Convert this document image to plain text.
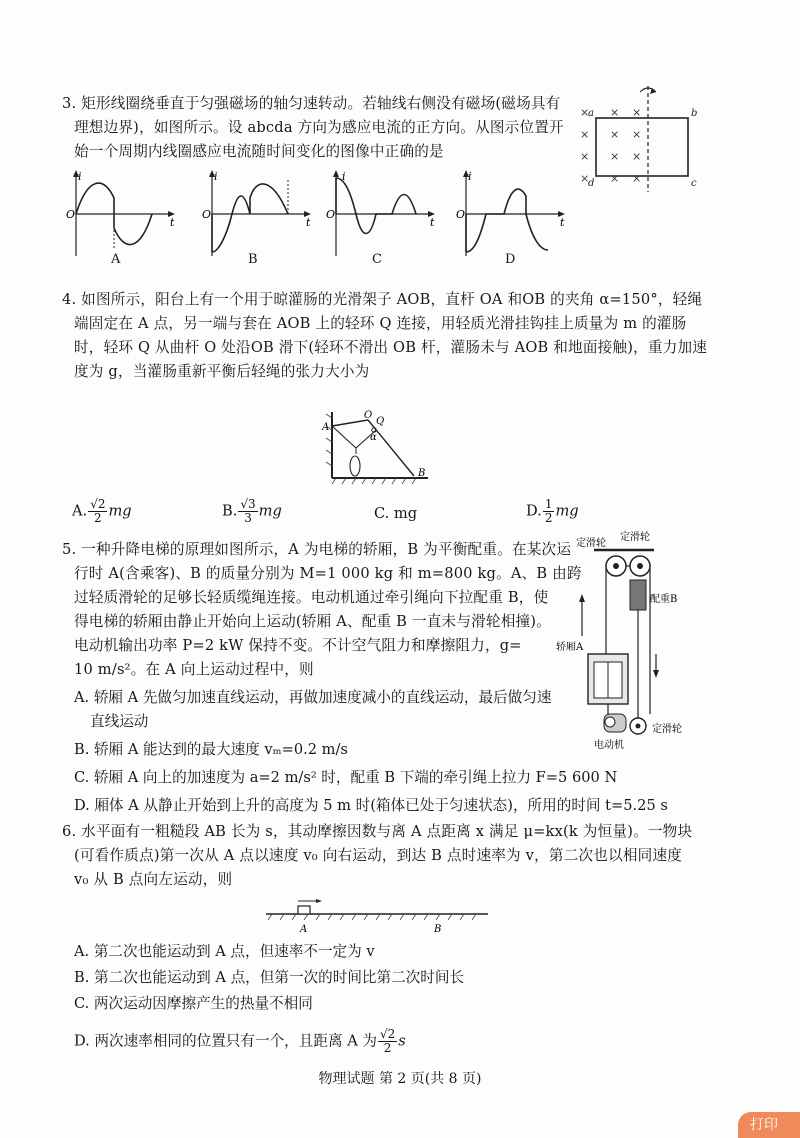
3. 矩形线圈绕垂直于匀强磁场的轴匀速转动。若轴线右侧没有磁场(磁场具有
理想边界)，如图所示。设 abcda 方向为感应电流的正方向。从图示位置开
始一个周期内线圈感应电流随时间变化的图像中正确的是
× × ×
× × ×
× × ×
× × ×
a	b
c
d
i
O
t
A
i
O
t
B
i
O
t
C
i
O
t
D
4. 如图所示，阳台上有一个用于晾灌肠的光滑架子 AOB，直杆 OA 和OB 的夹角 α=150°，轻绳
端固定在 A 点，另一端与套在 AOB 上的轻环 Q 连接，用轻质光滑挂钩挂上质量为 m 的灌肠
时，轻环 Q 从曲杆 O 处沿OB 滑下(轻环不滑出 OB 杆，灌肠未与 AOB 和地面接触)，重力加速
度为 g，当灌肠重新平衡后轻绳的张力大小为
A
O
Q
α
B
A. $\frac{√2}{2}$ mg	B. $\frac{√3}{3}$ mg	C. mg	D. $\frac{1}{2}$ mg
5. 一种升降电梯的原理如图所示，A 为电梯的轿厢，B 为平衡配重。在某次运
行时 A(含乘客)、B 的质量分别为 M=1 000 kg 和 m=800 kg。A、B 由跨
过轻质滑轮的足够长轻质缆绳连接。电动机通过牵引绳向下拉配重 B，使
得电梯的轿厢由静止开始向上运动(轿厢 A、配重 B 一直未与滑轮相撞)。
电动机输出功率 P=2 kW 保持不变。不计空气阻力和摩擦阻力，g=
10 m/s²。在 A 向上运动过程中，则
A. 轿厢 A 先做匀加速直线运动，再做加速度减小的直线运动，最后做匀速
直线运动
B. 轿厢 A 能达到的最大速度 vₘ=0.2 m/s
C. 轿厢 A 向上的加速度为 a=2 m/s² 时，配重 B 下端的牵引绳上拉力 F=5 600 N
D. 厢体 A 从静止开始到上升的高度为 5 m 时(箱体已处于匀速状态)，所用的时间 t=5.25 s
定滑轮
定滑轮
配重B
轿厢A
定滑轮
电动机
6. 水平面有一粗糙段 AB 长为 s，其动摩擦因数与离 A 点距离 x 满足 μ=kx(k 为恒量)。一物块
(可看作质点)第一次从 A 点以速度 v₀ 向右运动，到达 B 点时速率为 v，第二次也以相同速度
v₀ 从 B 点向左运动，则
A	B
A. 第二次也能运动到 A 点，但速率不一定为 v
B. 第二次也能运动到 A 点，但第一次的时间比第二次时间长
C. 两次运动因摩擦产生的热量不相同
D. 两次速率相同的位置只有一个，且距离 A 为 $\frac{√2}{2}$ s
物理试题 第 2 页(共 8 页)
打印
